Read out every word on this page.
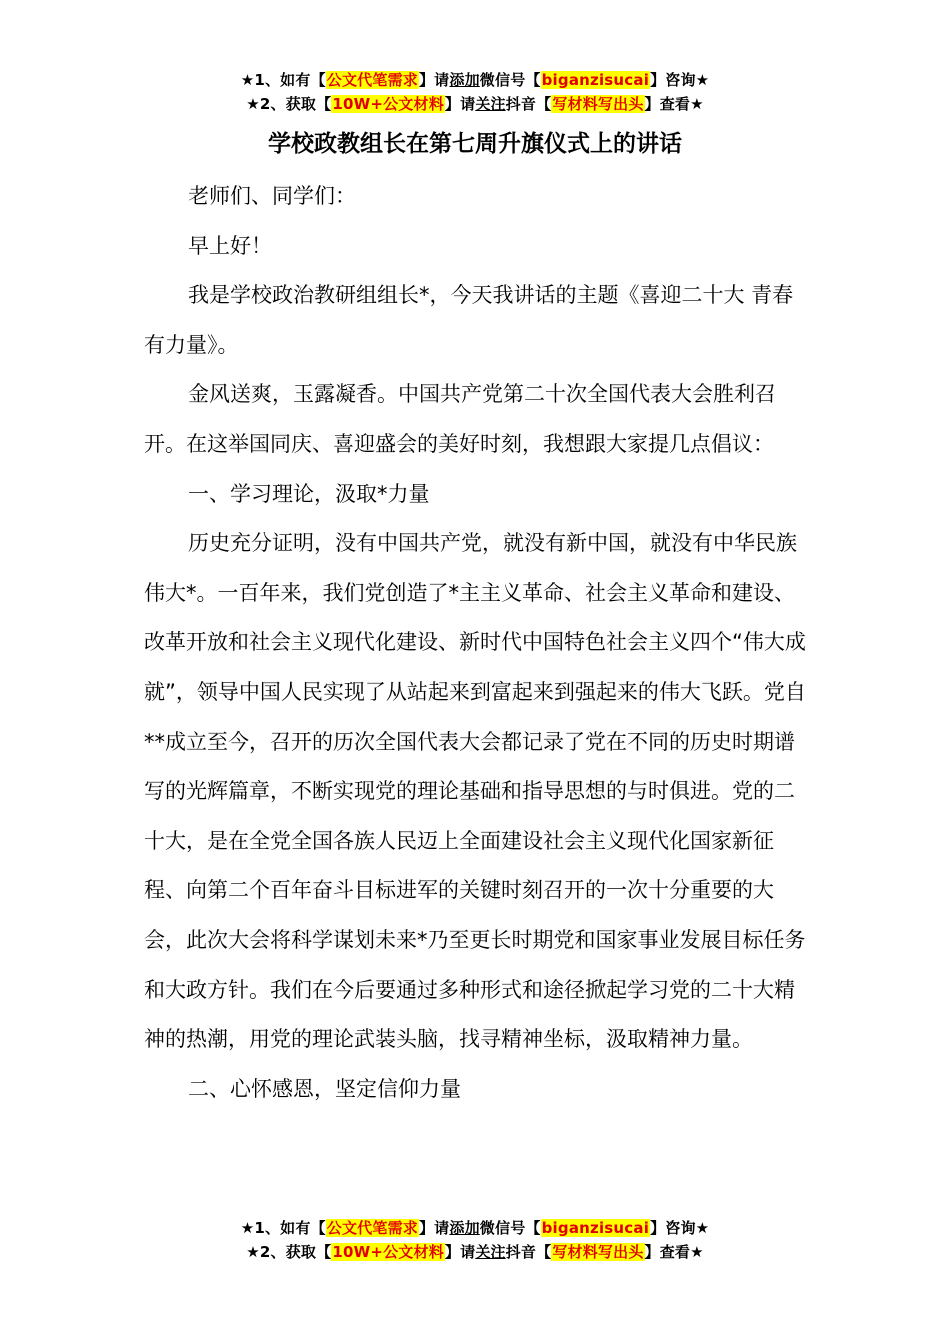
★1、如有【公文代笔需求】请添加微信号【biganzisucai】咨询★
★2、获取【10W+公文材料】请关注抖音【写材料写出头】查看★
学校政教组长在第七周升旗仪式上的讲话

老师们、同学们：

早上好！

我是学校政治教研组组长*，今天我讲话的主题《喜迎二十大 青春有力量》。

金风送爽，玉露凝香。中国共产党第二十次全国代表大会胜利召开。在这举国同庆、喜迎盛会的美好时刻，我想跟大家提几点倡议：

一、学习理论，汲取*力量

历史充分证明，没有中国共产党，就没有新中国，就没有中华民族伟大*。一百年来，我们党创造了*主主义革命、社会主义革命和建设、改革开放和社会主义现代化建设、新时代中国特色社会主义四个“伟大成就”，领导中国人民实现了从站起来到富起来到强起来的伟大飞跃。党自**成立至今，召开的历次全国代表大会都记录了党在不同的历史时期谱写的光辉篇章，不断实现党的理论基础和指导思想的与时俱进。党的二十大，是在全党全国各族人民迈上全面建设社会主义现代化国家新征程、向第二个百年奋斗目标进军的关键时刻召开的一次十分重要的大会，此次大会将科学谋划未来*乃至更长时期党和国家事业发展目标任务和大政方针。我们在今后要通过多种形式和途径掀起学习党的二十大精神的热潮，用党的理论武装头脑，找寻精神坐标，汲取精神力量。

二、心怀感恩，坚定信仰力量

★1、如有【公文代笔需求】请添加微信号【biganzisucai】咨询★
★2、获取【10W+公文材料】请关注抖音【写材料写出头】查看★
